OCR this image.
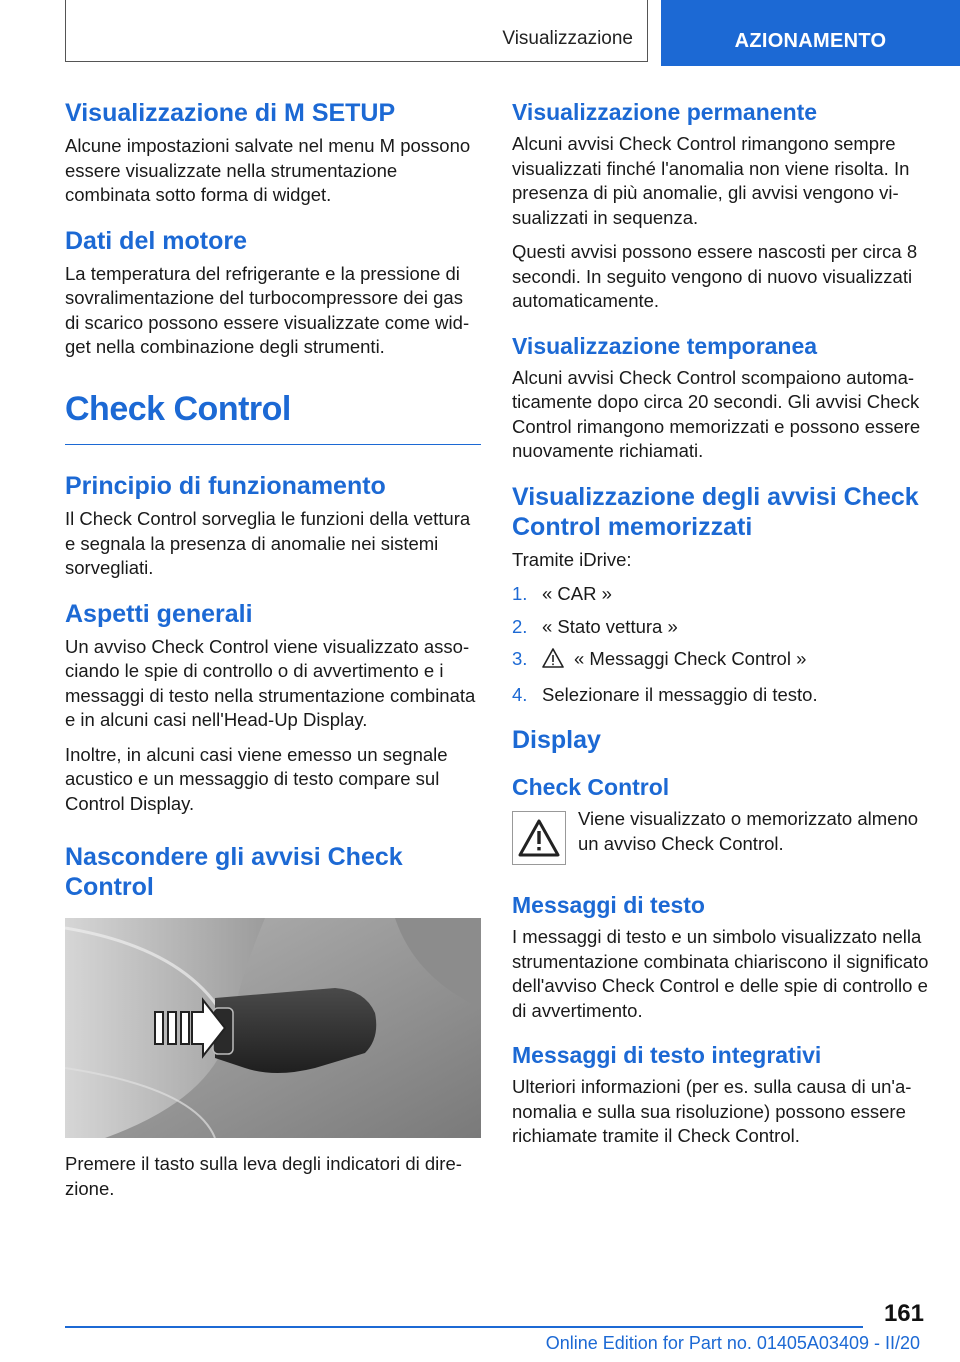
Visualizzazione	AZIONAMENTO
Visualizzazione di M SETUP

Alcune impostazioni salvate nel menu M possono essere visualizzate nella strumentazione combinata sotto forma di widget.

Dati del motore

La temperatura del refrigerante e la pressione di sovralimentazione del turbocompressore dei gas di scarico possono essere visualizzate come widget nella combinazione degli strumenti.

Check Control
Principio di funzionamento

Il Check Control sorveglia le funzioni della vettura e segnala la presenza di anomalie nei sistemi sorvegliati.

Aspetti generali

Un avviso Check Control viene visualizzato associando le spie di controllo o di avvertimento e i messaggi di testo nella strumentazione combinata e in alcuni casi nell'Head-Up Display.

Inoltre, in alcuni casi viene emesso un segnale acustico e un messaggio di testo compare sul Control Display.

Nascondere gli avvisi Check Control

Premere il tasto sulla leva degli indicatori di direzione.

Visualizzazione permanente

Alcuni avvisi Check Control rimangono sempre visualizzati finché l'anomalia non viene risolta. In presenza di più anomalie, gli avvisi vengono visualizzati in sequenza.

Questi avvisi possono essere nascosti per circa 8 secondi. In seguito vengono di nuovo visualizzati automaticamente.

Visualizzazione temporanea

Alcuni avvisi Check Control scompaiono automaticamente dopo circa 20 secondi. Gli avvisi Check Control rimangono memorizzati e possono essere nuovamente richiamati.

Visualizzazione degli avvisi Check Control memorizzati

Tramite iDrive:

1. « CAR »
2. « Stato vettura »
3.	« Messaggi Check Control »
4. Selezionare il messaggio di testo.
Display
Check Control

Viene visualizzato o memorizzato almeno un avviso Check Control.

Messaggi di testo

I messaggi di testo e un simbolo visualizzato nella strumentazione combinata chiariscono il significato dell'avviso Check Control e delle spie di controllo e di avvertimento.

Messaggi di testo integrativi

Ulteriori informazioni (per es. sulla causa di un'anomalia e sulla sua risoluzione) possono essere richiamate tramite il Check Control.

161
Online Edition for Part no. 01405A03409 - II/20
